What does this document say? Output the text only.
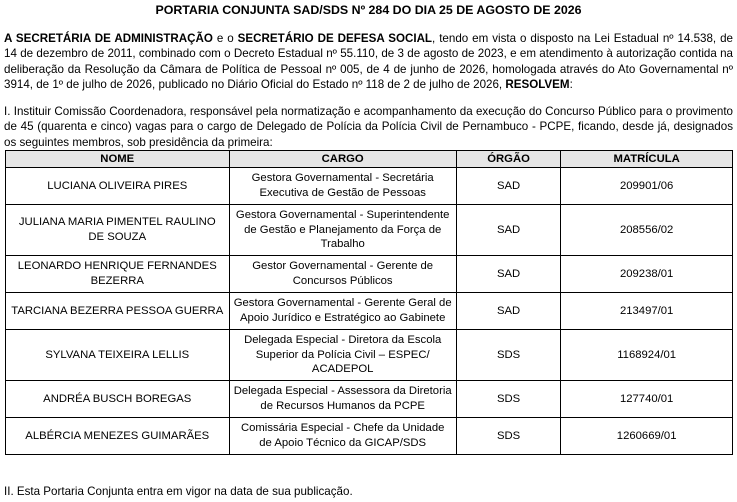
PORTARIA CONJUNTA SAD/SDS Nº 284 DO DIA 25 DE AGOSTO DE 2026

A SECRETÁRIA DE ADMINISTRAÇÃO e o SECRETÁRIO DE DEFESA SOCIAL, tendo em vista o disposto na Lei Estadual nº 14.538, de 14 de dezembro de 2011, combinado com o Decreto Estadual nº 55.110, de 3 de agosto de 2023, e em atendimento à autorização contida na deliberação da Resolução da Câmara de Política de Pessoal nº 005, de 4 de junho de 2026, homologada através do Ato Governamental nº 3914, de 1º de julho de 2026, publicado no Diário Oficial do Estado nº 118 de 2 de julho de 2026, RESOLVEM:

I. Instituir Comissão Coordenadora, responsável pela normatização e acompanhamento da execução do Concurso Público para o provimento de 45 (quarenta e cinco) vagas para o cargo de Delegado de Polícia da Polícia Civil de Pernambuco - PCPE, ficando, desde já, designados os seguintes membros, sob presidência da primeira:

NOME	CARGO	ÓRGÃO	MATRÍCULA
LUCIANA OLIVEIRA PIRES	Gestora Governamental - Secretária Executiva de Gestão de Pessoas	SAD	209901/06
JULIANA MARIA PIMENTEL RAULINO DE SOUZA	Gestora Governamental - Superintendente de Gestão e Planejamento da Força de Trabalho	SAD	208556/02
LEONARDO HENRIQUE FERNANDES BEZERRA	Gestor Governamental - Gerente de Concursos Públicos	SAD	209238/01
TARCIANA BEZERRA PESSOA GUERRA	Gestora Governamental - Gerente Geral de Apoio Jurídico e Estratégico ao Gabinete	SAD	213497/01
SYLVANA TEIXEIRA LELLIS	Delegada Especial - Diretora da Escola Superior da Polícia Civil – ESPEC/ ACADEPOL	SDS	1168924/01
ANDRÉA BUSCH BOREGAS	Delegada Especial - Assessora da Diretoria de Recursos Humanos da PCPE	SDS	127740/01
ALBÉRCIA MENEZES GUIMARÃES	Comissária Especial - Chefe da Unidade de Apoio Técnico da GICAP/SDS	SDS	1260669/01
II. Esta Portaria Conjunta entra em vigor na data de sua publicação.
